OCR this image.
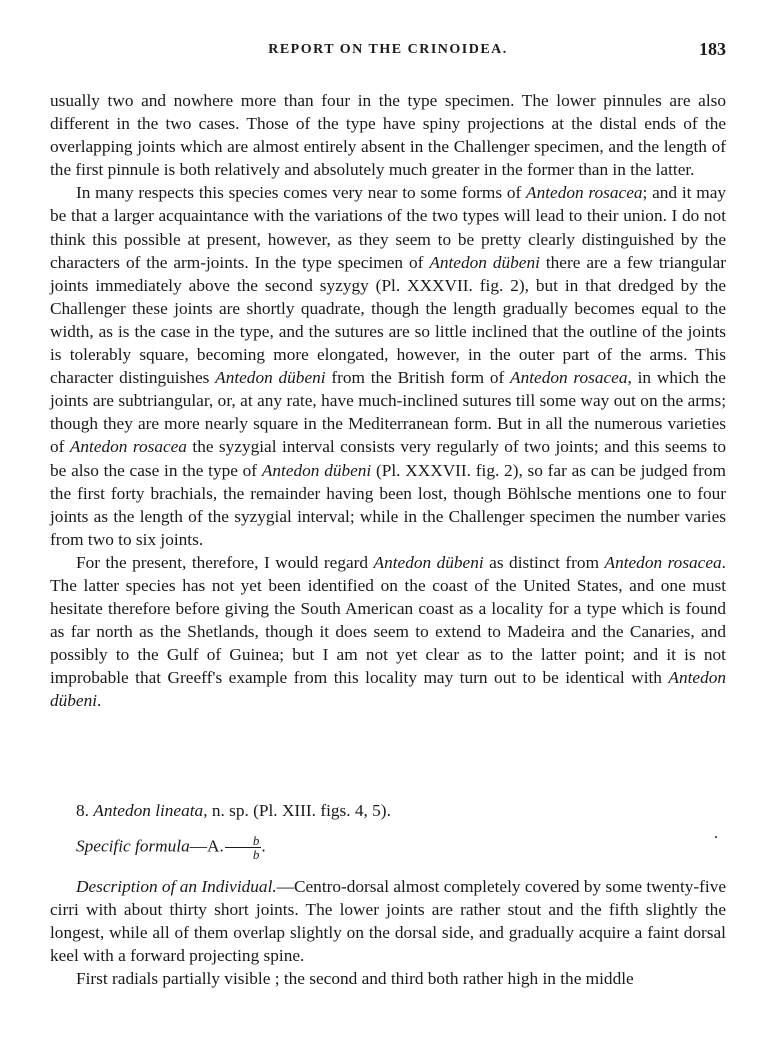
REPORT ON THE CRINOIDEA.	183

usually two and nowhere more than four in the type specimen. The lower pinnules are also different in the two cases. Those of the type have spiny projections at the distal ends of the overlapping joints which are almost entirely absent in the Challenger specimen, and the length of the first pinnule is both relatively and absolutely much greater in the former than in the latter.

In many respects this species comes very near to some forms of Antedon rosacea; and it may be that a larger acquaintance with the variations of the two types will lead to their union. I do not think this possible at present, however, as they seem to be pretty clearly distinguished by the characters of the arm-joints. In the type specimen of Antedon dübeni there are a few triangular joints immediately above the second syzygy (Pl. XXXVII. fig. 2), but in that dredged by the Challenger these joints are shortly quadrate, though the length gradually becomes equal to the width, as is the case in the type, and the sutures are so little inclined that the outline of the joints is tolerably square, becoming more elongated, however, in the outer part of the arms. This character distinguishes Antedon dübeni from the British form of Antedon rosacea, in which the joints are subtriangular, or, at any rate, have much-inclined sutures till some way out on the arms; though they are more nearly square in the Mediterranean form. But in all the numerous varieties of Antedon rosacea the syzygial interval consists very regularly of two joints; and this seems to be also the case in the type of Antedon dübeni (Pl. XXXVII. fig. 2), so far as can be judged from the first forty brachials, the remainder having been lost, though Böhlsche mentions one to four joints as the length of the syzygial interval; while in the Challenger specimen the number varies from two to six joints.

For the present, therefore, I would regard Antedon dübeni as distinct from Antedon rosacea. The latter species has not yet been identified on the coast of the United States, and one must hesitate therefore before giving the South American coast as a locality for a type which is found as far north as the Shetlands, though it does seem to extend to Madeira and the Canaries, and possibly to the Gulf of Guinea; but I am not yet clear as to the latter point; and it is not improbable that Greeff's example from this locality may turn out to be identical with Antedon dübeni.

8. Antedon lineata, n. sp. (Pl. XIII. figs. 4, 5).

Specific formula—A. $\frac{b}{b}$ .

Description of an Individual.—Centro-dorsal almost completely covered by some twenty-five cirri with about thirty short joints. The lower joints are rather stout and the fifth slightly the longest, while all of them overlap slightly on the dorsal side, and gradually acquire a faint dorsal keel with a forward projecting spine.

First radials partially visible ; the second and third both rather high in the middle
